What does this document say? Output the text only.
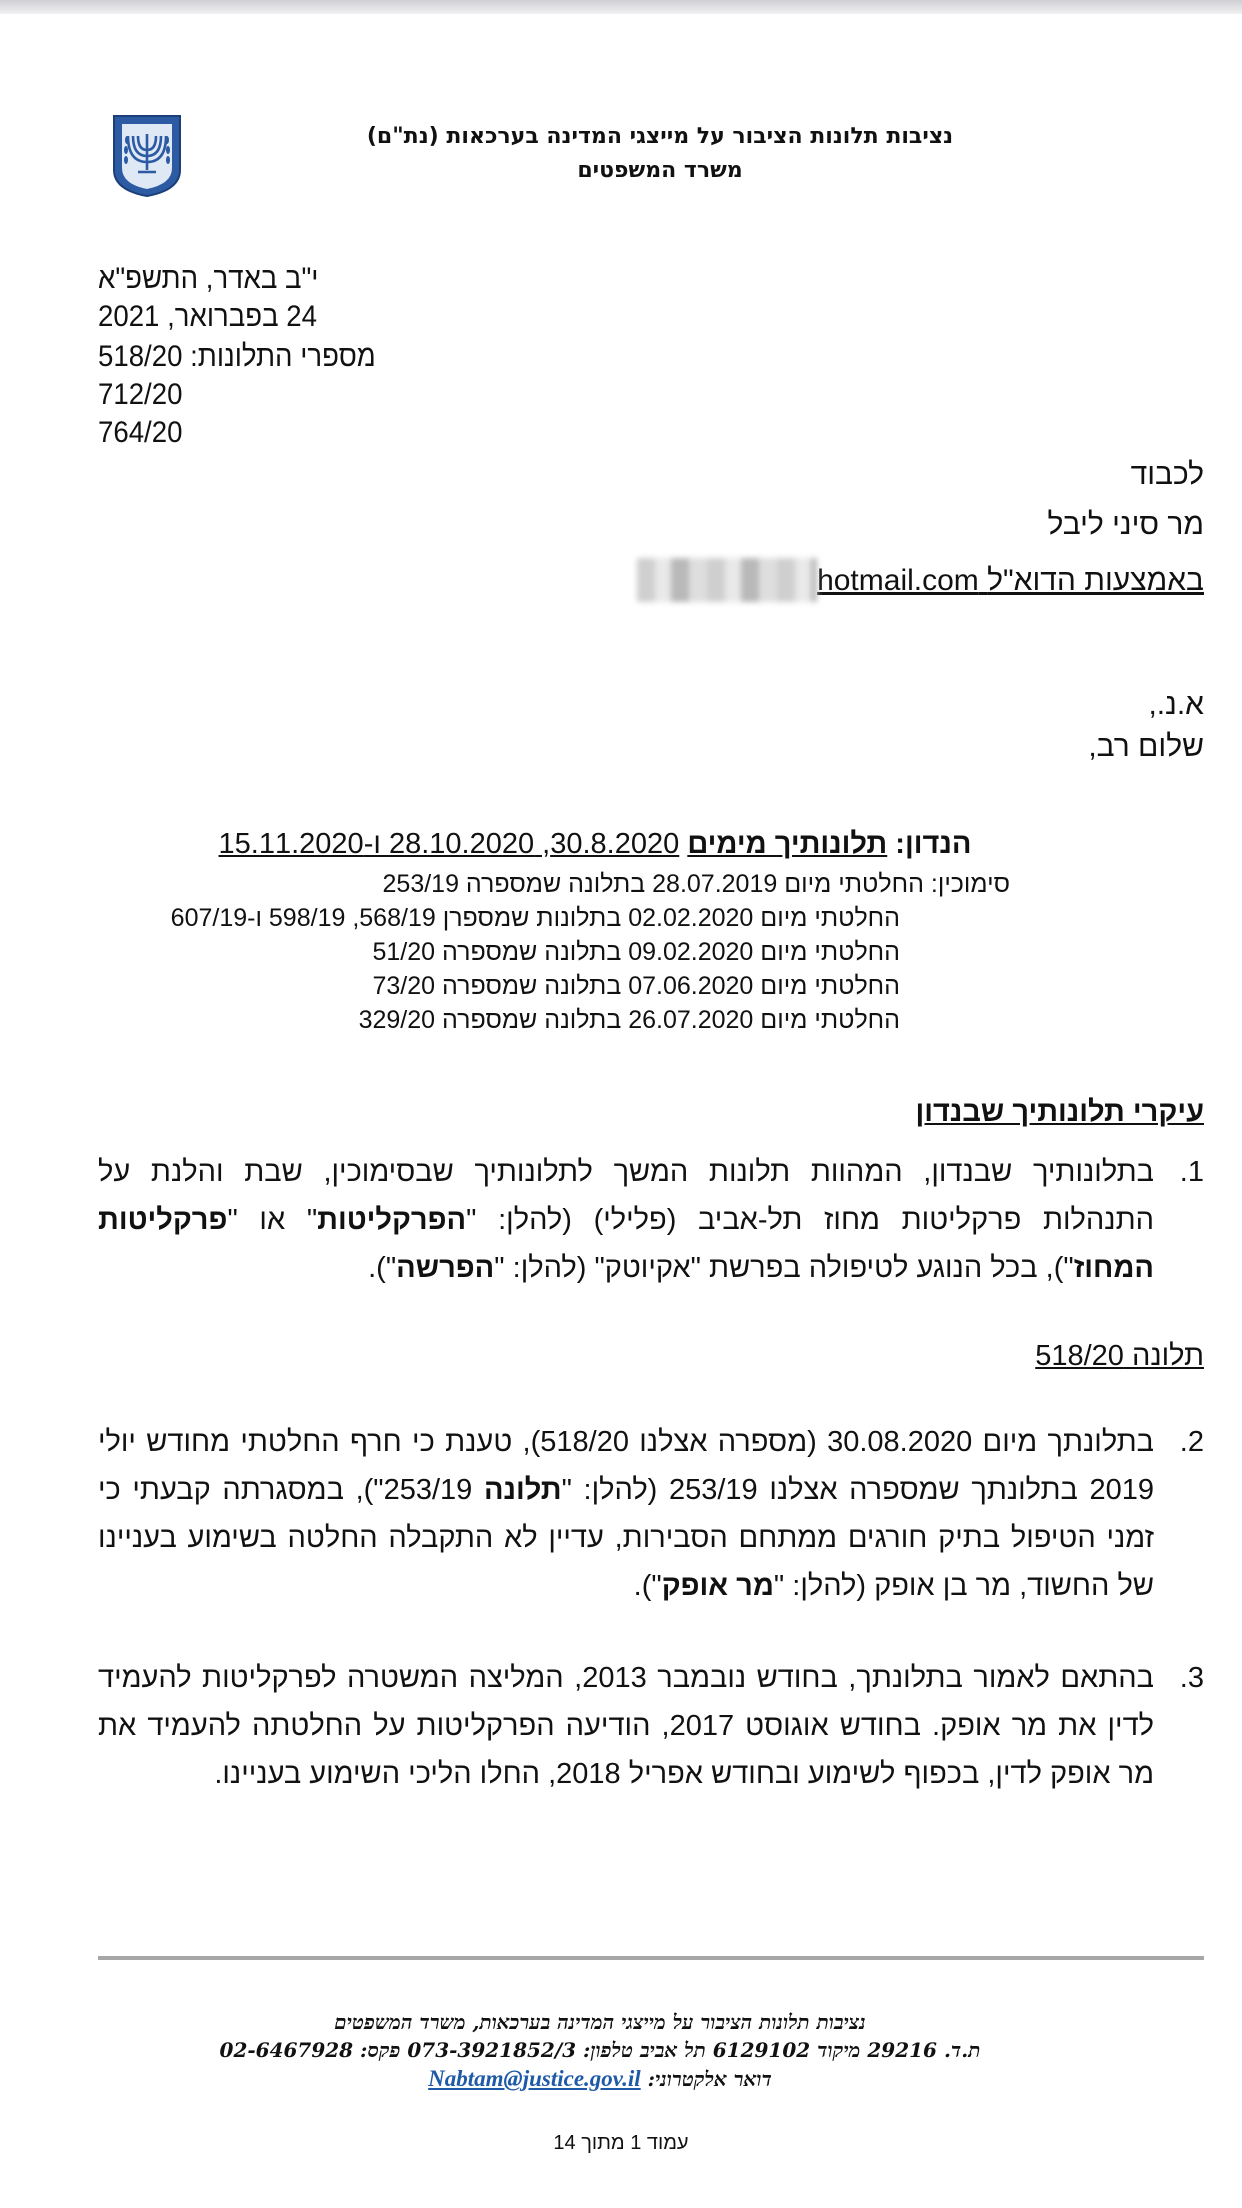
נציבות תלונות הציבור על מייצגי המדינה בערכאות (נת"ם)
משרד המשפטים
י"ב באדר, התשפ"א
24 בפברואר, 2021
מספרי התלונות: 518/20
712/20
764/20
לכבוד
מר סיני ליבל
באמצעות הדוא"ל hotmail.com
א.נ.,
שלום רב,
הנדון: תלונותיך מימים 30.8.2020, 28.10.2020 ו-15.11.2020
סימוכין: החלטתי מיום 28.07.2019 בתלונה שמספרה 253/19
החלטתי מיום 02.02.2020 בתלונות שמספרן 568/19, 598/19 ו-607/19
החלטתי מיום 09.02.2020 בתלונה שמספרה 51/20
החלטתי מיום 07.06.2020 בתלונה שמספרה 73/20
החלטתי מיום 26.07.2020 בתלונה שמספרה 329/20
עיקרי תלונותיך שבנדון
1.
בתלונותיך שבנדון, המהוות תלונות המשך לתלונותיך שבסימוכין, שבת והלנת על התנהלות פרקליטות מחוז תל-אביב (פלילי) (להלן: "הפרקליטות" או "פרקליטות המחוז"), בכל הנוגע לטיפולה בפרשת "אקיוטק" (להלן: "הפרשה").
תלונה 518/20
2.
בתלונתך מיום 30.08.2020 (מספרה אצלנו 518/20), טענת כי חרף החלטתי מחודש יולי 2019 בתלונתך שמספרה אצלנו 253/19 (להלן: "תלונה 253/19"), במסגרתה קבעתי כי זמני הטיפול בתיק חורגים ממתחם הסבירות, עדיין לא התקבלה החלטה בשימוע בעניינו של החשוד, מר בן אופק (להלן: "מר אופק").
3.
בהתאם לאמור בתלונתך, בחודש נובמבר 2013, המליצה המשטרה לפרקליטות להעמיד לדין את מר אופק. בחודש אוגוסט 2017, הודיעה הפרקליטות על החלטתה להעמיד את מר אופק לדין, בכפוף לשימוע ובחודש אפריל 2018, החלו הליכי השימוע בעניינו.
נציבות תלונות הציבור על מייצגי המדינה בערכאות, משרד המשפטים
ת.ד. 29216 מיקוד 6129102 תל אביב טלפון: 073-3921852/3 פקס: 02-6467928
דואר אלקטרוני: Nabtam@justice.gov.il
עמוד 1 מתוך 14
